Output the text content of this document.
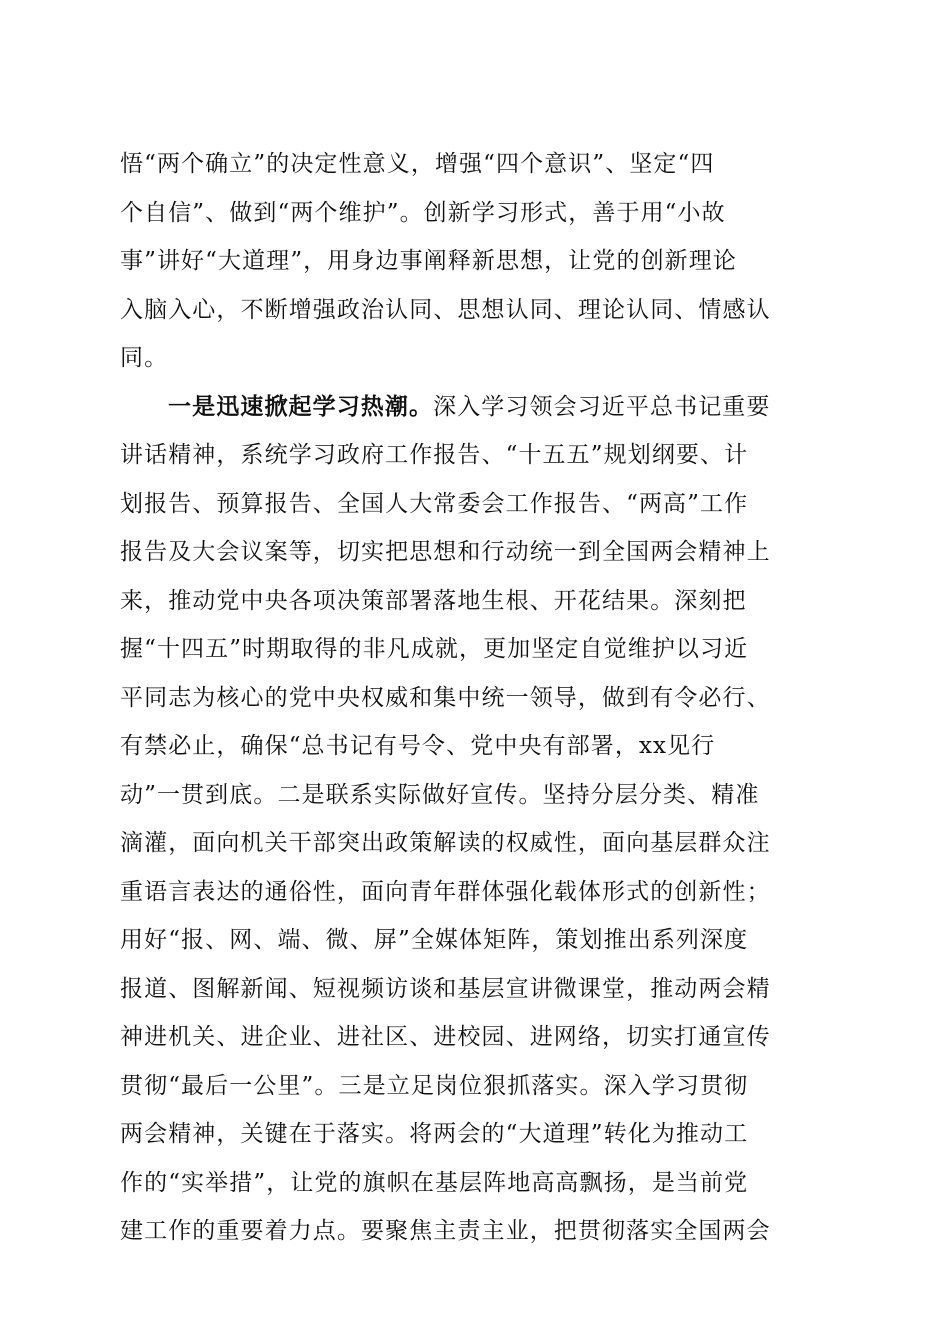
悟“两个确立”的决定性意义，增强“四个意识”、坚定“四
个自信”、做到“两个维护”。创新学习形式，善于用“小故
事”讲好“大道理”，用身边事阐释新思想，让党的创新理论
入脑入心，不断增强政治认同、思想认同、理论认同、情感认
同。
一是迅速掀起学习热潮。深入学习领会习近平总书记重要
讲话精神，系统学习政府工作报告、“十五五”规划纲要、计
划报告、预算报告、全国人大常委会工作报告、“两高”工作
报告及大会议案等，切实把思想和行动统一到全国两会精神上
来，推动党中央各项决策部署落地生根、开花结果。深刻把
握“十四五”时期取得的非凡成就，更加坚定自觉维护以习近
平同志为核心的党中央权威和集中统一领导，做到有令必行、
有禁必止，确保“总书记有号令、党中央有部署，xx见行
动”一贯到底。二是联系实际做好宣传。坚持分层分类、精准
滴灌，面向机关干部突出政策解读的权威性，面向基层群众注
重语言表达的通俗性，面向青年群体强化载体形式的创新性；
用好“报、网、端、微、屏”全媒体矩阵，策划推出系列深度
报道、图解新闻、短视频访谈和基层宣讲微课堂，推动两会精
神进机关、进企业、进社区、进校园、进网络，切实打通宣传
贯彻“最后一公里”。三是立足岗位狠抓落实。深入学习贯彻
两会精神，关键在于落实。将两会的“大道理”转化为推动工
作的“实举措”，让党的旗帜在基层阵地高高飘扬，是当前党
建工作的重要着力点。要聚焦主责主业，把贯彻落实全国两会
